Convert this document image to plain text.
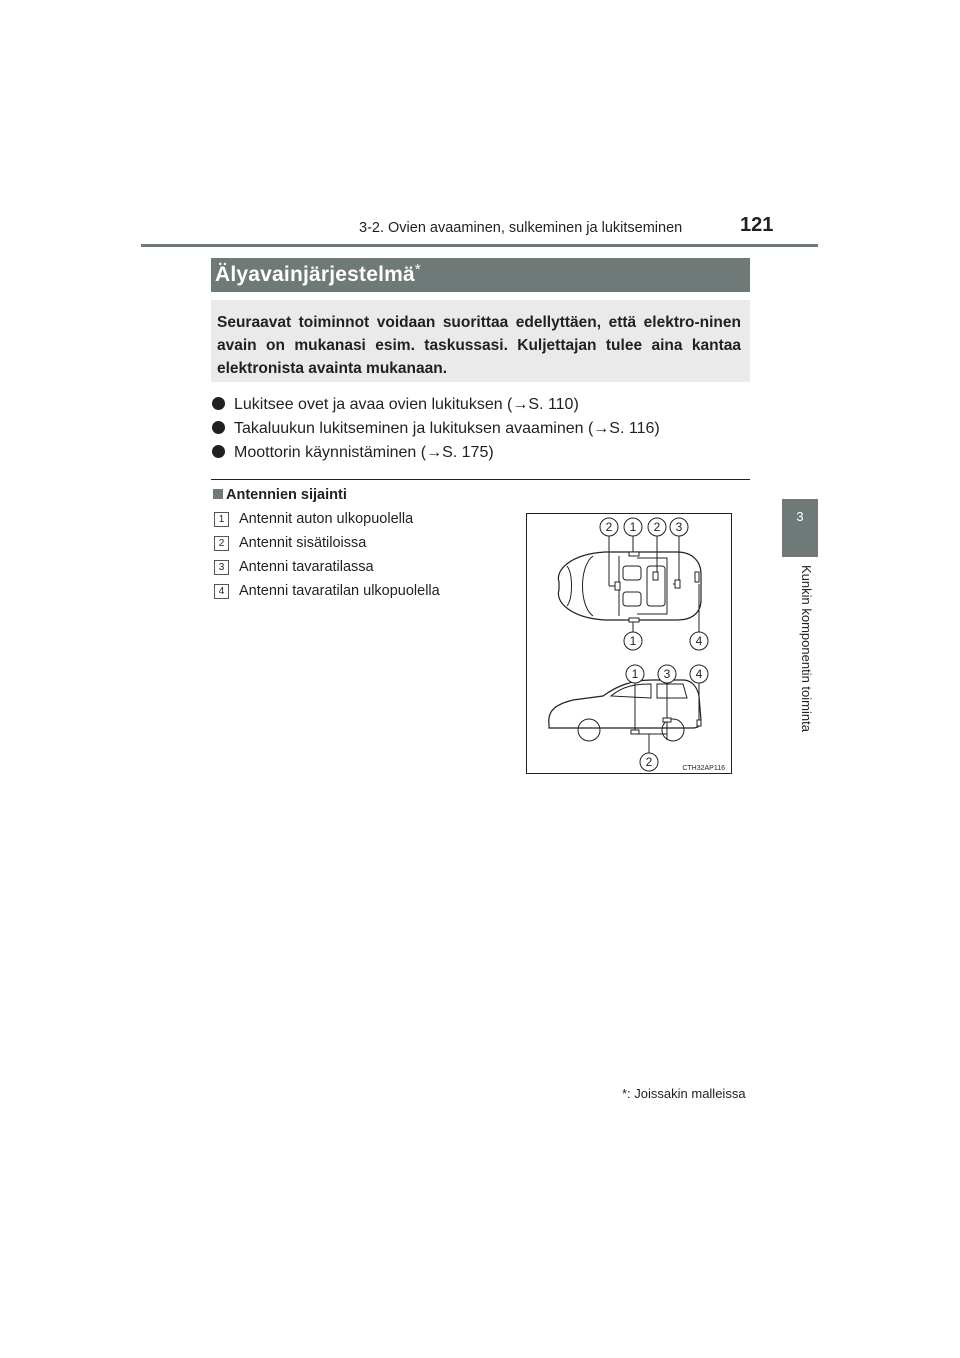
3-2. Ovien avaaminen, sulkeminen ja lukitseminen	121
3
Kunkin komponentin toiminta
Älyavainjärjestelmä*
Seuraavat toiminnot voidaan suorittaa edellyttäen, että elektro-ninen avain on mukanasi esim. taskussasi. Kuljettajan tulee aina kantaa elektronista avainta mukanaan.
Lukitsee ovet ja avaa ovien lukituksen (→S. 110)
Takaluukun lukitseminen ja lukituksen avaaminen (→S. 116)
Moottorin käynnistäminen (→S. 175)
Antennien sijainti
1 Antennit auton ulkopuolella
2 Antennit sisätiloissa
3 Antenni tavaratilassa
4 Antenni tavaratilan ulkopuolella
2 1 2 3
1	4
1 3 4
2	CTH32AP116
*: Joissakin malleissa
